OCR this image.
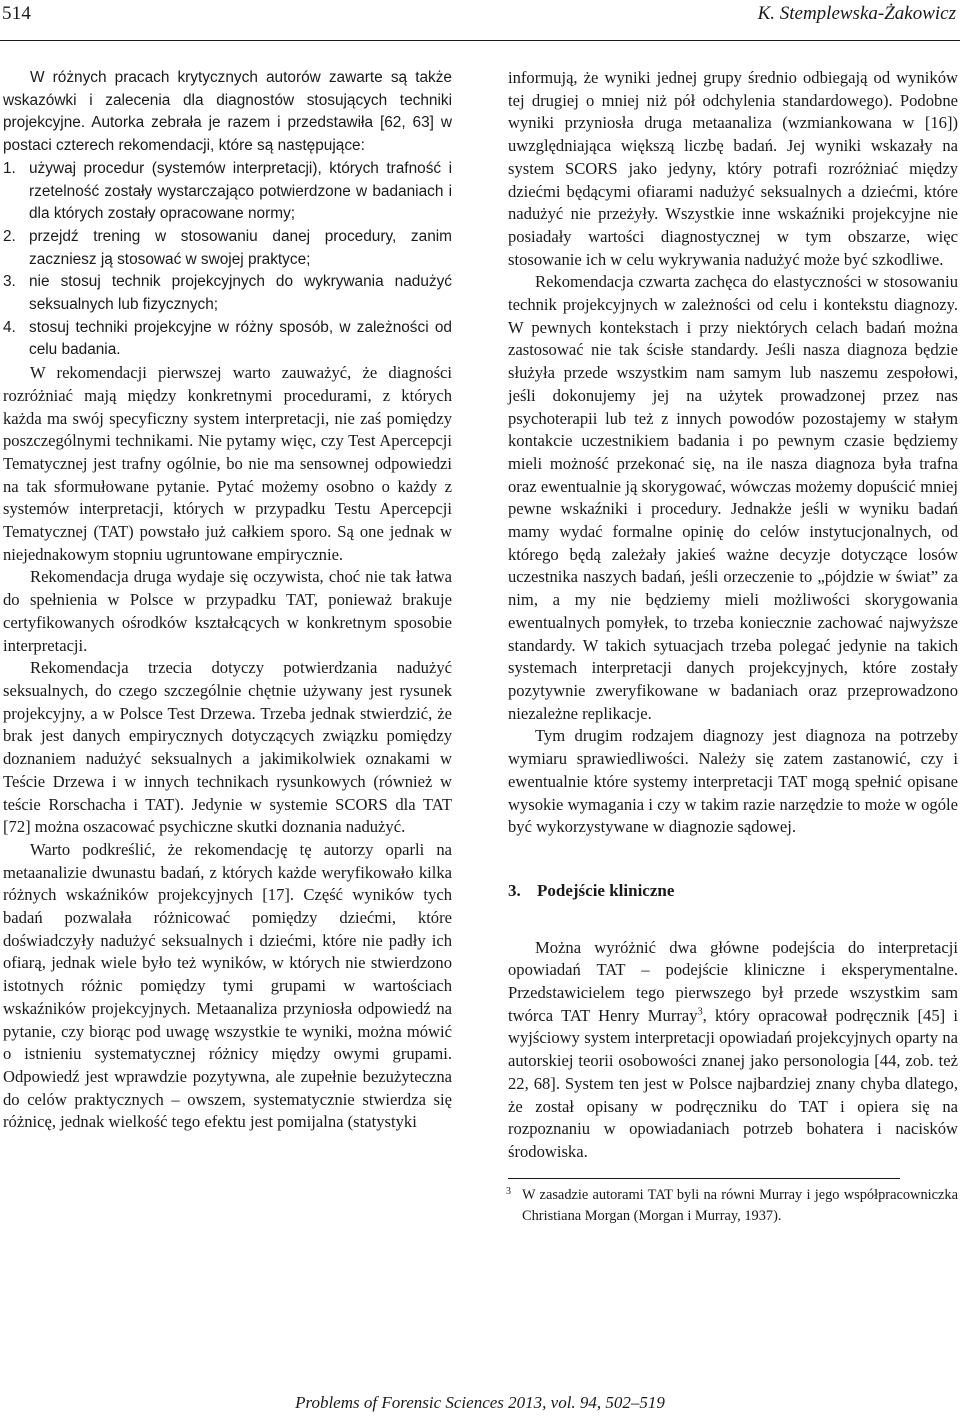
514	K. Stemplewska-Żakowicz

W różnych pracach krytycznych autorów zawarte są także wskazówki i zalecenia dla diagnostów stosujących techniki projekcyjne. Autorka zebrała je razem i przedstawiła [62, 63] w postaci czterech rekomendacji, które są następujące:

1. używaj procedur (systemów interpretacji), których trafność i rzetelność zostały wystarczająco potwierdzone w badaniach i dla których zostały opracowane normy;
2. przejdź trening w stosowaniu danej procedury, zanim zaczniesz ją stosować w swojej praktyce;
3. nie stosuj technik projekcyjnych do wykrywania nadużyć seksualnych lub fizycznych;
4. stosuj techniki projekcyjne w różny sposób, w zależności od celu badania.

W rekomendacji pierwszej warto zauważyć, że diagności rozróżniać mają między konkretnymi procedurami, z których każda ma swój specyficzny system interpretacji, nie zaś pomiędzy poszczególnymi technikami. Nie pytamy więc, czy Test Apercepcji Tematycznej jest trafny ogólnie, bo nie ma sensownej odpowiedzi na tak sformułowane pytanie. Pytać możemy osobno o każdy z systemów interpretacji, których w przypadku Testu Apercepcji Tematycznej (TAT) powstało już całkiem sporo. Są one jednak w niejednakowym stopniu ugruntowane empirycznie.

Rekomendacja druga wydaje się oczywista, choć nie tak łatwa do spełnienia w Polsce w przypadku TAT, ponieważ brakuje certyfikowanych ośrodków kształcących w konkretnym sposobie interpretacji.

Rekomendacja trzecia dotyczy potwierdzania nadużyć seksualnych, do czego szczególnie chętnie używany jest rysunek projekcyjny, a w Polsce Test Drzewa. Trzeba jednak stwierdzić, że brak jest danych empirycznych dotyczących związku pomiędzy doznaniem nadużyć seksualnych a jakimikolwiek oznakami w Teście Drzewa i w innych technikach rysunkowych (również w teście Rorschacha i TAT). Jedynie w systemie SCORS dla TAT [72] można oszacować psychiczne skutki doznania nadużyć.

Warto podkreślić, że rekomendację tę autorzy oparli na metaanalizie dwunastu badań, z których każde weryfikowało kilka różnych wskaźników projekcyjnych [17]. Część wyników tych badań pozwalała różnicować pomiędzy dziećmi, które doświadczyły nadużyć seksualnych i dziećmi, które nie padły ich ofiarą, jednak wiele było też wyników, w których nie stwierdzono istotnych różnic pomiędzy tymi grupami w wartościach wskaźników projekcyjnych. Metaanaliza przyniosła odpowiedź na pytanie, czy biorąc pod uwagę wszystkie te wyniki, można mówić o istnieniu systematycznej różnicy między owymi grupami. Odpowiedź jest wprawdzie pozytywna, ale zupełnie bezużyteczna do celów praktycznych – owszem, systematycznie stwierdza się różnicę, jednak wielkość tego efektu jest pomijalna (statystyki

informują, że wyniki jednej grupy średnio odbiegają od wyników tej drugiej o mniej niż pół odchylenia standardowego). Podobne wyniki przyniosła druga metaanaliza (wzmiankowana w [16]) uwzględniająca większą liczbę badań. Jej wyniki wskazały na system SCORS jako jedyny, który potrafi rozróżniać między dziećmi będącymi ofiarami nadużyć seksualnych a dziećmi, które nadużyć nie przeżyły. Wszystkie inne wskaźniki projekcyjne nie posiadały wartości diagnostycznej w tym obszarze, więc stosowanie ich w celu wykrywania nadużyć może być szkodliwe.

Rekomendacja czwarta zachęca do elastyczności w stosowaniu technik projekcyjnych w zależności od celu i kontekstu diagnozy. W pewnych kontekstach i przy niektórych celach badań można zastosować nie tak ścisłe standardy. Jeśli nasza diagnoza będzie służyła przede wszystkim nam samym lub naszemu zespołowi, jeśli dokonujemy jej na użytek prowadzonej przez nas psychoterapii lub też z innych powodów pozostajemy w stałym kontakcie uczestnikiem badania i po pewnym czasie będziemy mieli możność przekonać się, na ile nasza diagnoza była trafna oraz ewentualnie ją skorygować, wówczas możemy dopuścić mniej pewne wskaźniki i procedury. Jednakże jeśli w wyniku badań mamy wydać formalne opinię do celów instytucjonalnych, od którego będą zależały jakieś ważne decyzje dotyczące losów uczestnika naszych badań, jeśli orzeczenie to „pójdzie w świat” za nim, a my nie będziemy mieli możliwości skorygowania ewentualnych pomyłek, to trzeba koniecznie zachować najwyższe standardy. W takich sytuacjach trzeba polegać jedynie na takich systemach interpretacji danych projekcyjnych, które zostały pozytywnie zweryfikowane w badaniach oraz przeprowadzono niezależne replikacje.

Tym drugim rodzajem diagnozy jest diagnoza na potrzeby wymiaru sprawiedliwości. Należy się zatem zastanowić, czy i ewentualnie które systemy interpretacji TAT mogą spełnić opisane wysokie wymagania i czy w takim razie narzędzie to może w ogóle być wykorzystywane w diagnozie sądowej.

3. Podejście kliniczne

Można wyróżnić dwa główne podejścia do interpretacji opowiadań TAT – podejście kliniczne i eksperymentalne. Przedstawicielem tego pierwszego był przede wszystkim sam twórca TAT Henry Murray$^3$, który opracował podręcznik [45] i wyjściowy system interpretacji opowiadań projekcyjnych oparty na autorskiej teorii osobowości znanej jako personologia [44, zob. też 22, 68]. System ten jest w Polsce najbardziej znany chyba dlatego, że został opisany w podręczniku do TAT i opiera się na rozpoznaniu w opowiadaniach potrzeb bohatera i nacisków środowiska.

3 W zasadzie autorami TAT byli na równi Murray i jego współpracowniczka Christiana Morgan (Morgan i Murray, 1937).
Problems of Forensic Sciences 2013, vol. 94, 502–519
